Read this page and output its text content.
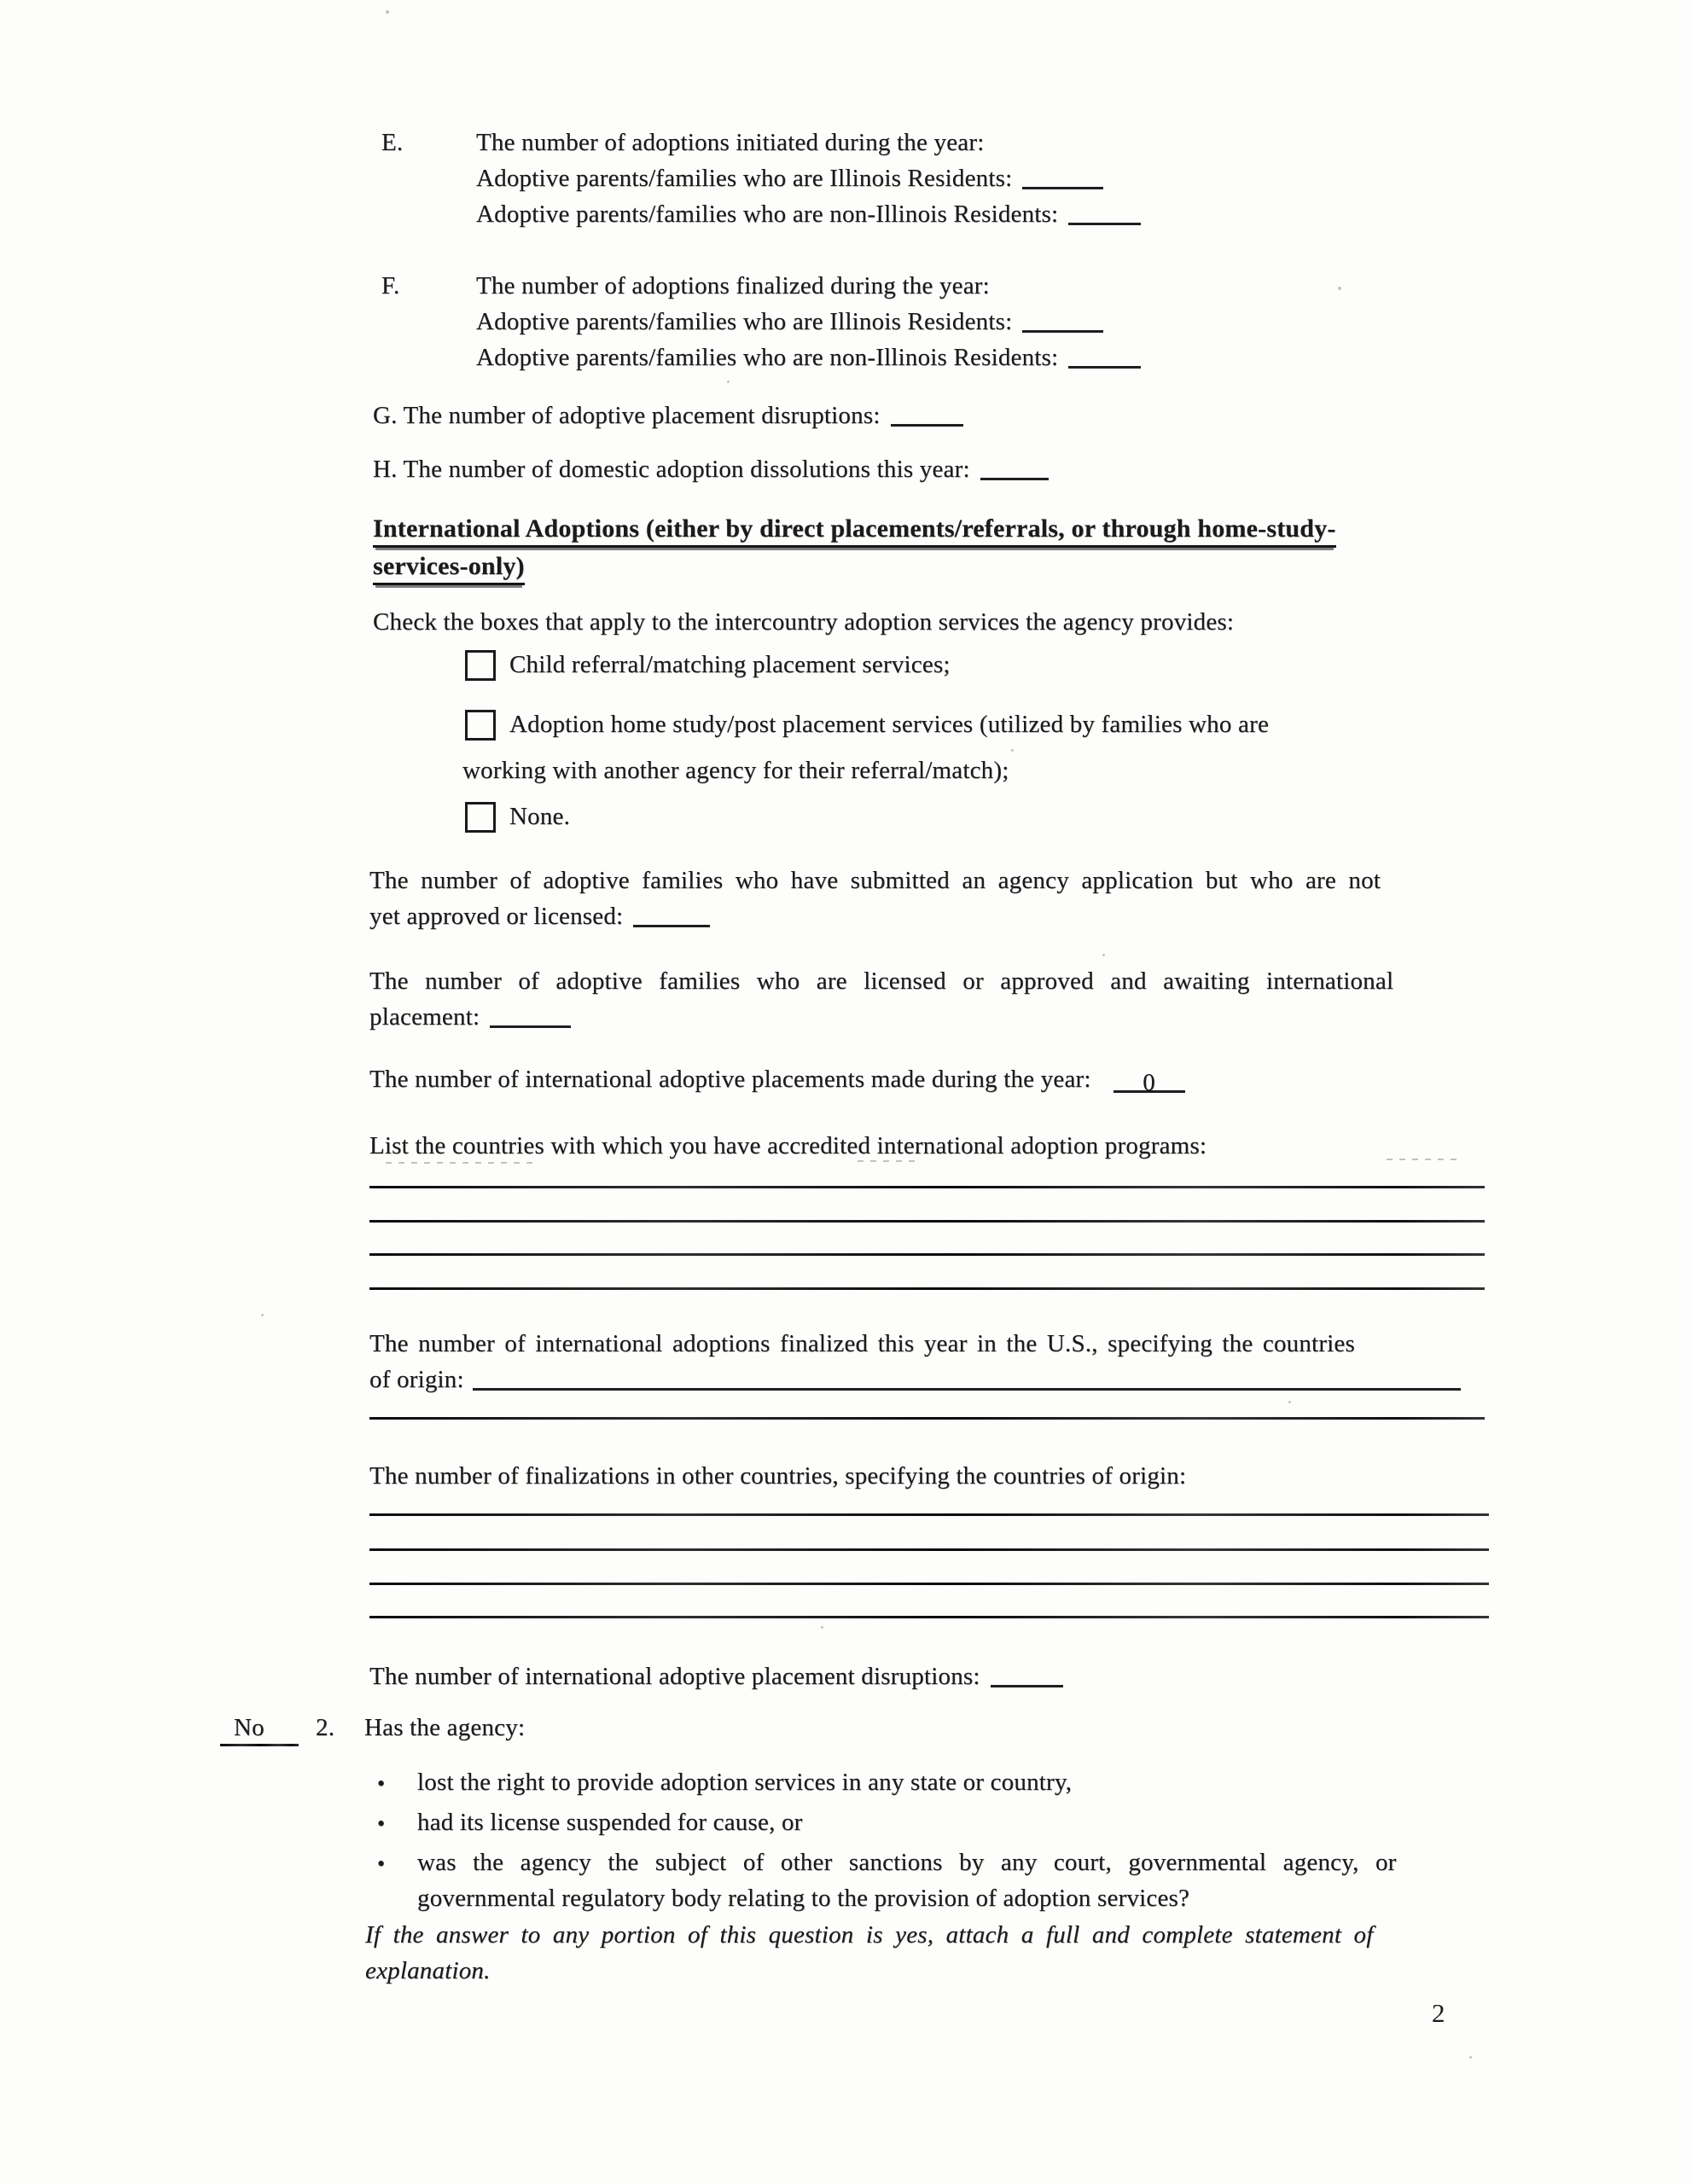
E.	The number of adoptions initiated during the year:
Adoptive parents/families who are Illinois Residents:
Adoptive parents/families who are non-Illinois Residents:
F.	The number of adoptions finalized during the year:
Adoptive parents/families who are Illinois Residents:
Adoptive parents/families who are non-Illinois Residents:
G. The number of adoptive placement disruptions:
H. The number of domestic adoption dissolutions this year:
International Adoptions (either by direct placements/referrals, or through home-study-
services-only)
Check the boxes that apply to the intercountry adoption services the agency provides:
Child referral/matching placement services;
Adoption home study/post placement services (utilized by families who are
working with another agency for their referral/match);
None.
The number of adoptive families who have submitted an agency application but who are not
yet approved or licensed:
The number of adoptive families who are licensed or approved and awaiting international
placement:
The number of international adoptive placements made during the year: 0
List the countries with which you have accredited international adoption programs:
The number of international adoptions finalized this year in the U.S., specifying the countries
of origin:
The number of finalizations in other countries, specifying the countries of origin:
The number of international adoptive placement disruptions:
No 2. Has the agency:
• lost the right to provide adoption services in any state or country,
• had its license suspended for cause, or
• was the agency the subject of other sanctions by any court, governmental agency, or
governmental regulatory body relating to the provision of adoption services?
If the answer to any portion of this question is yes, attach a full and complete statement of
explanation.
2
